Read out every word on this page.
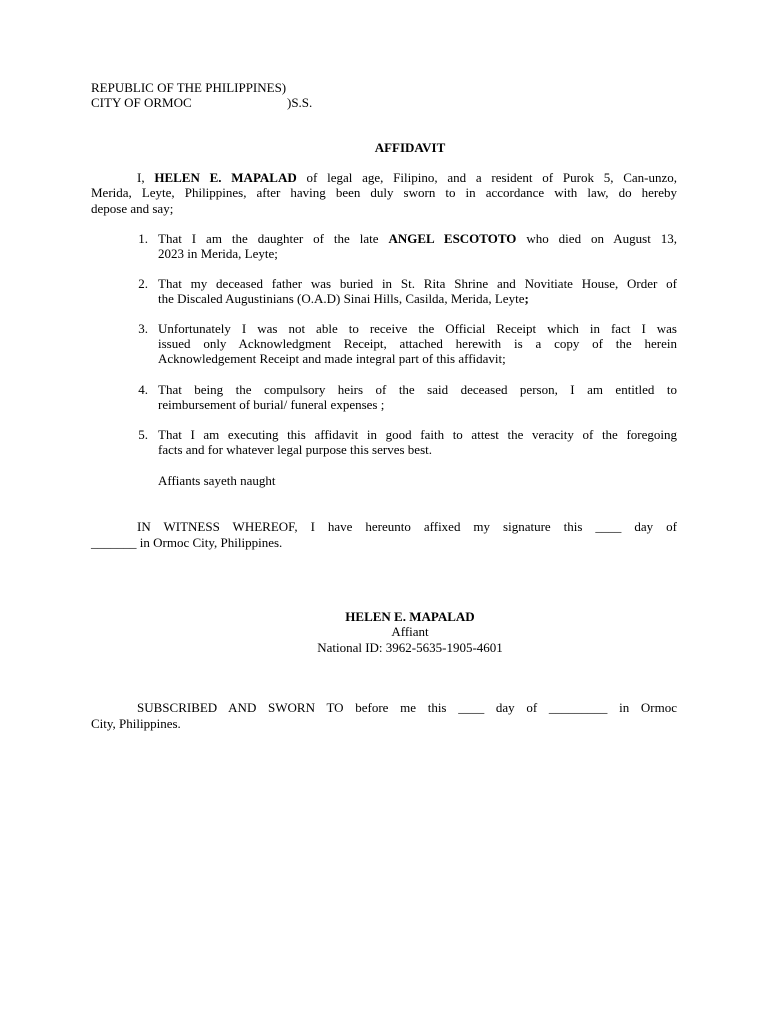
REPUBLIC OF THE PHILIPPINES)
CITY OF ORMOC	)S.S.
AFFIDAVIT
I, HELEN E. MAPALAD of legal age, Filipino, and a resident of Purok 5, Can-unzo,
Merida, Leyte, Philippines, after having been duly sworn to in accordance with law, do hereby
depose and say;
1. That I am the daughter of the late ANGEL ESCOTOTO who died on August 13,
2023 in Merida, Leyte;
2. That my deceased father was buried in St. Rita Shrine and Novitiate House, Order of
the Discaled Augustinians (O.A.D) Sinai Hills, Casilda, Merida, Leyte;
3. Unfortunately I was not able to receive the Official Receipt which in fact I was
issued only Acknowledgment Receipt, attached herewith is a copy of the herein
Acknowledgement Receipt and made integral part of this affidavit;
4. That being the compulsory heirs of the said deceased person, I am entitled to
reimbursement of burial/ funeral expenses ;
5. That I am executing this affidavit in good faith to attest the veracity of the foregoing
facts and for whatever legal purpose this serves best.
Affiants sayeth naught
IN WITNESS WHEREOF, I have hereunto affixed my signature this ____ day of
_______ in Ormoc City, Philippines.
HELEN E. MAPALAD
Affiant
National ID: 3962-5635-1905-4601
SUBSCRIBED AND SWORN TO before me this ____ day of _________ in Ormoc
City, Philippines.
